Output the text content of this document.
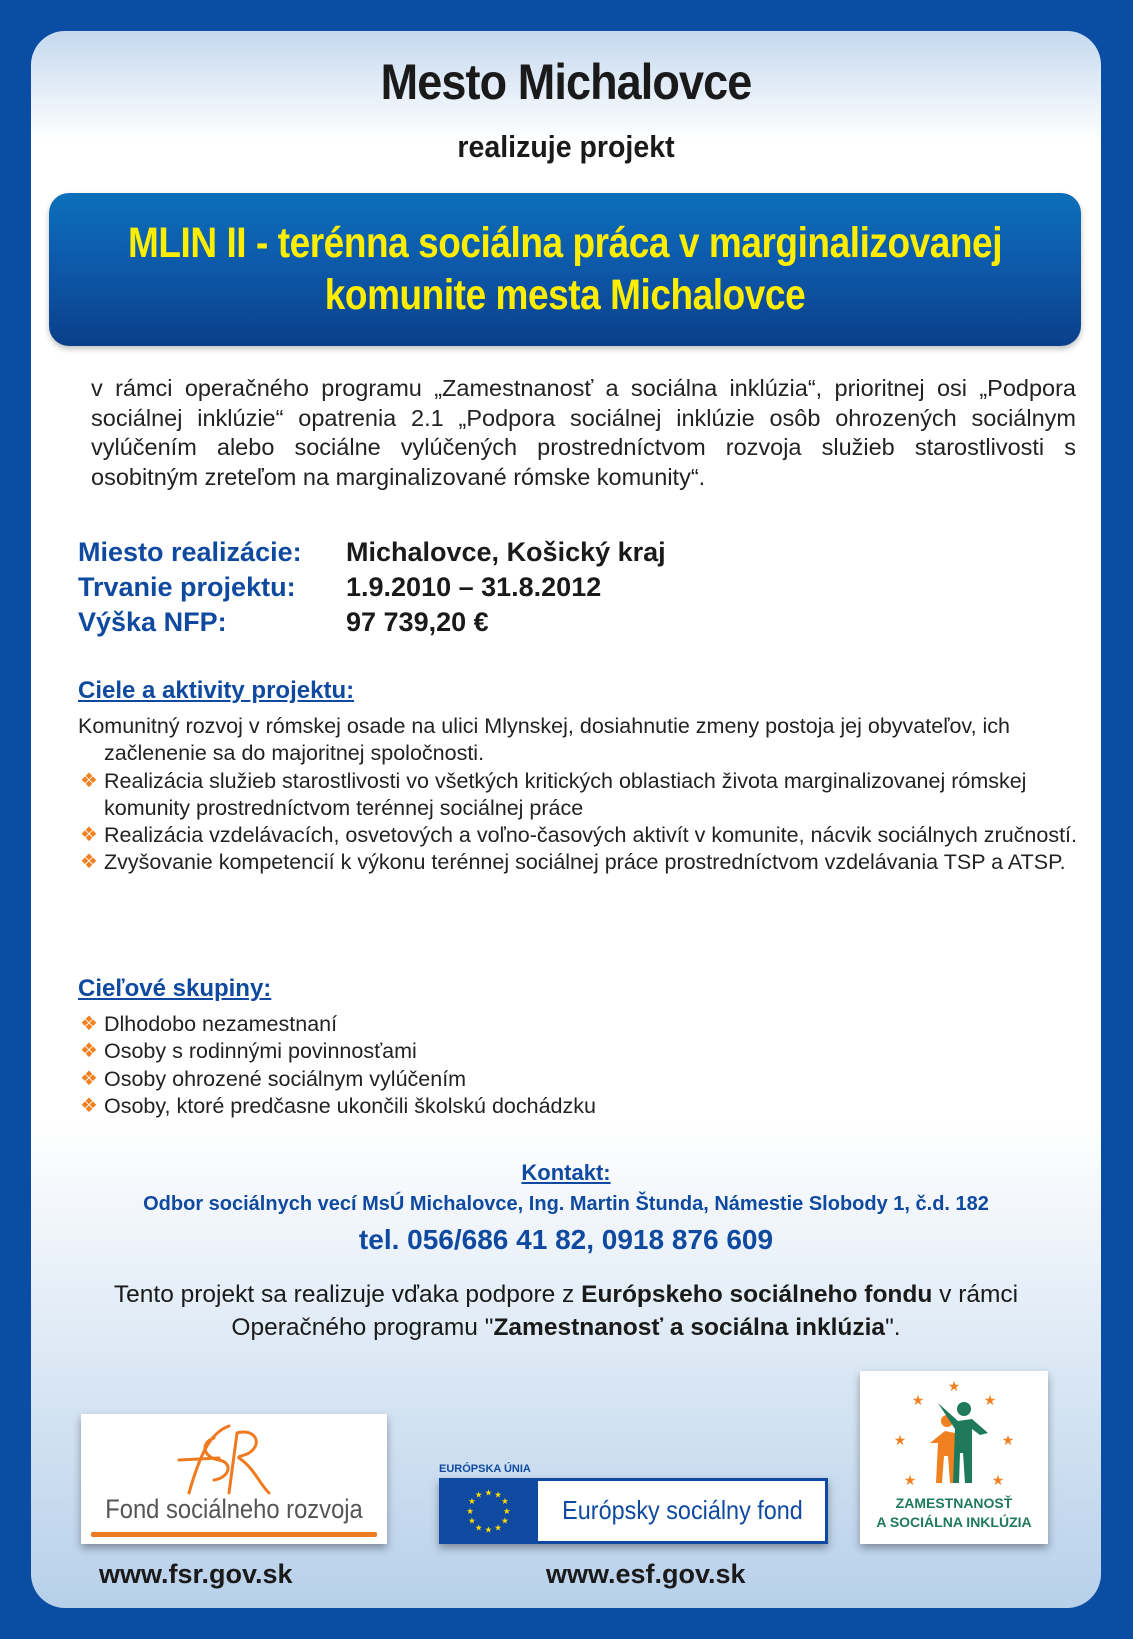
Mesto Michalovce
realizuje projekt
MLIN II - terénna sociálna práca v marginalizovanej
komunite mesta Michalovce
v rámci operačného programu „Zamestnanosť a sociálna inklúzia“, prioritnej osi „Podpora sociálnej inklúzie“ opatrenia 2.1 „Podpora sociálnej inklúzie osôb ohrozených sociálnym vylúčením alebo sociálne vylúčených prostredníctvom rozvoja služieb starostlivosti s osobitným zreteľom na marginalizované rómske komunity“.
Miesto realizácie:	Michalovce, Košický kraj
Trvanie projektu:	1.9.2010 – 31.8.2012
Výška NFP:	97 739,20 €
Ciele a aktivity projektu:
Komunitný rozvoj v rómskej osade na ulici Mlynskej, dosiahnutie zmeny postoja jej obyvateľov, ich začlenenie sa do majoritnej spoločnosti.
❖ Realizácia služieb starostlivosti vo všetkých kritických oblastiach života marginalizovanej rómskej komunity prostredníctvom terénnej sociálnej práce
❖ Realizácia vzdelávacích, osvetových a voľno-časových aktivít v komunite, nácvik sociálnych zručností.
❖ Zvyšovanie kompetencií k výkonu terénnej sociálnej práce prostredníctvom vzdelávania TSP a ATSP.
Cieľové skupiny:
❖ Dlhodobo nezamestnaní
❖ Osoby s rodinnými povinnosťami
❖ Osoby ohrozené sociálnym vylúčením
❖ Osoby, ktoré predčasne ukončili školskú dochádzku
Kontakt:
Odbor sociálnych vecí MsÚ Michalovce, Ing. Martin Štunda, Námestie Slobody 1, č.d. 182
tel. 056/686 41 82, 0918 876 609
Tento projekt sa realizuje vďaka podpore z Európskeho sociálneho fondu v rámci
Operačného programu "Zamestnanosť a sociálna inklúzia".
Fond sociálneho rozvoja
EURÓPSKA ÚNIA
★ ★
★
★
★
★
★
★
★
★
★
★
Európsky sociálny fond
★
★	★
★	★
★	★
ZAMESTNANOSŤ
A SOCIÁLNA INKLÚZIA
www.fsr.gov.sk	www.esf.gov.sk
